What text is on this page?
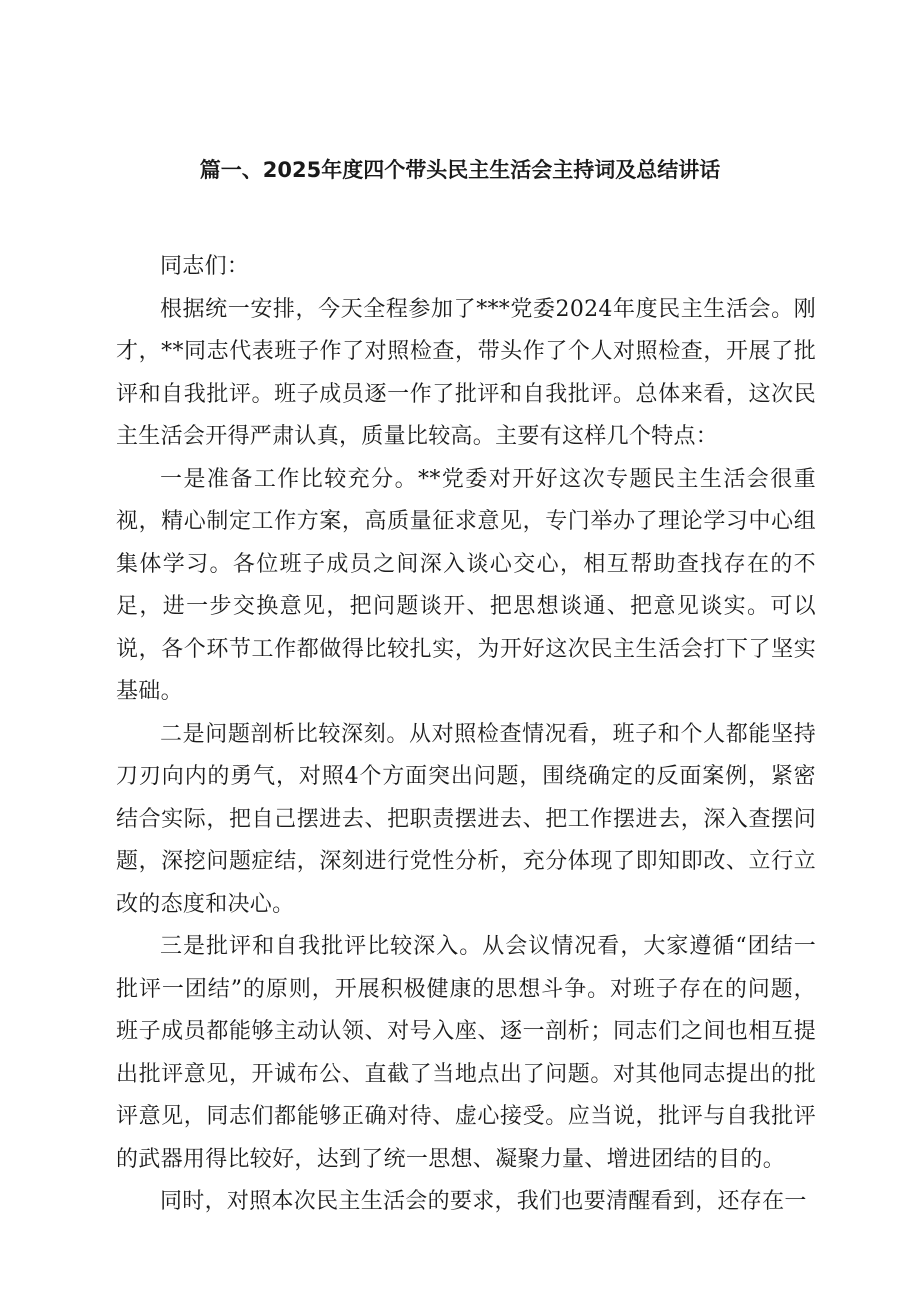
篇一、2025年度四个带头民主生活会主持词及总结讲话

同志们：

根据统一安排，今天全程参加了***党委2024年度民主生活会。刚才，**同志代表班子作了对照检查，带头作了个人对照检查，开展了批评和自我批评。班子成员逐一作了批评和自我批评。总体来看，这次民主生活会开得严肃认真，质量比较高。主要有这样几个特点：

一是准备工作比较充分。**党委对开好这次专题民主生活会很重视，精心制定工作方案，高质量征求意见，专门举办了理论学习中心组集体学习。各位班子成员之间深入谈心交心，相互帮助查找存在的不足，进一步交换意见，把问题谈开、把思想谈通、把意见谈实。可以说，各个环节工作都做得比较扎实，为开好这次民主生活会打下了坚实基础。

二是问题剖析比较深刻。从对照检查情况看，班子和个人都能坚持刀刃向内的勇气，对照4个方面突出问题，围绕确定的反面案例，紧密结合实际，把自己摆进去、把职责摆进去、把工作摆进去，深入查摆问题，深挖问题症结，深刻进行党性分析，充分体现了即知即改、立行立改的态度和决心。

三是批评和自我批评比较深入。从会议情况看，大家遵循“团结一批评一团结”的原则，开展积极健康的思想斗争。对班子存在的问题，班子成员都能够主动认领、对号入座、逐一剖析；同志们之间也相互提出批评意见，开诚布公、直截了当地点出了问题。对其他同志提出的批评意见，同志们都能够正确对待、虚心接受。应当说，批评与自我批评的武器用得比较好，达到了统一思想、凝聚力量、增进团结的目的。

同时，对照本次民主生活会的要求，我们也要清醒看到，还存在一
